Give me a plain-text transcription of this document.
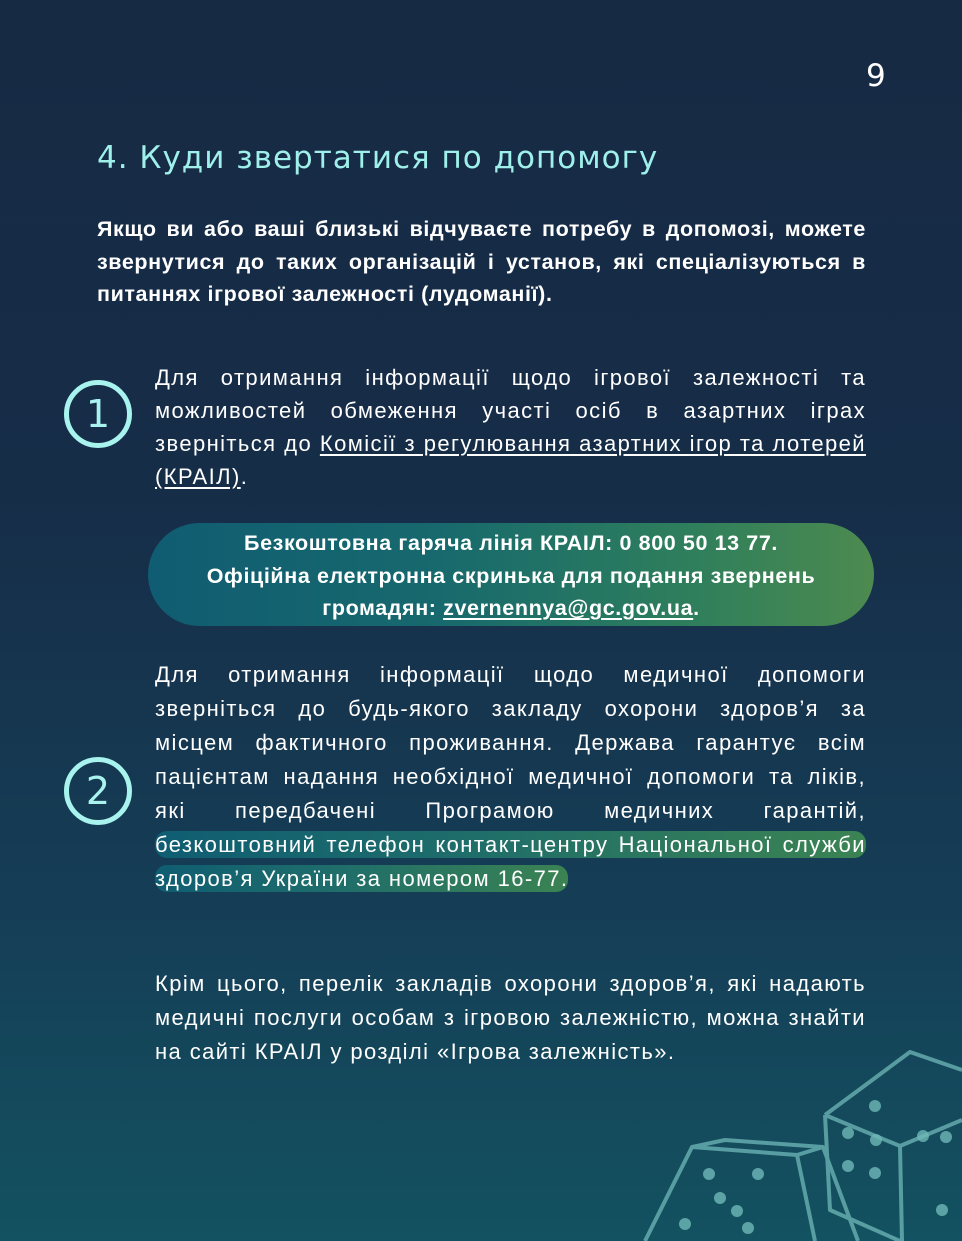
9
4. Куди звертатися по допомогу

Якщо ви або ваші близькі відчуваєте потребу в допомозі, можете звернутися до таких організацій і установ, які спеціалізуються в питаннях ігрової залежності (лудоманії).

1

Для отримання інформації щодо ігрової залежності та можливостей обмеження участі осіб в азартних іграх зверніться до Комісії з регулювання азартних ігор та лотерей (КРАІЛ).

Безкоштовна гаряча лінія КРАІЛ: 0 800 50 13 77.
Офіційна електронна скринька для подання звернень громадян: zvernennya@gc.gov.ua.
2

Для отримання інформації щодо медичної допомоги зверніться до будь-якого закладу охорони здоров’я за місцем фактичного проживання. Держава гарантує всім пацієнтам надання необхідної медичної допомоги та ліків, які передбачені Програмою медичних гарантій, безкоштовний телефон контакт-центру Національної служби здоров’я України за номером 16-77.

Крім цього, перелік закладів охорони здоров’я, які надають медичні послуги особам з ігровою залежністю, можна знайти на сайті КРАІЛ у розділі «Ігрова залежність».
